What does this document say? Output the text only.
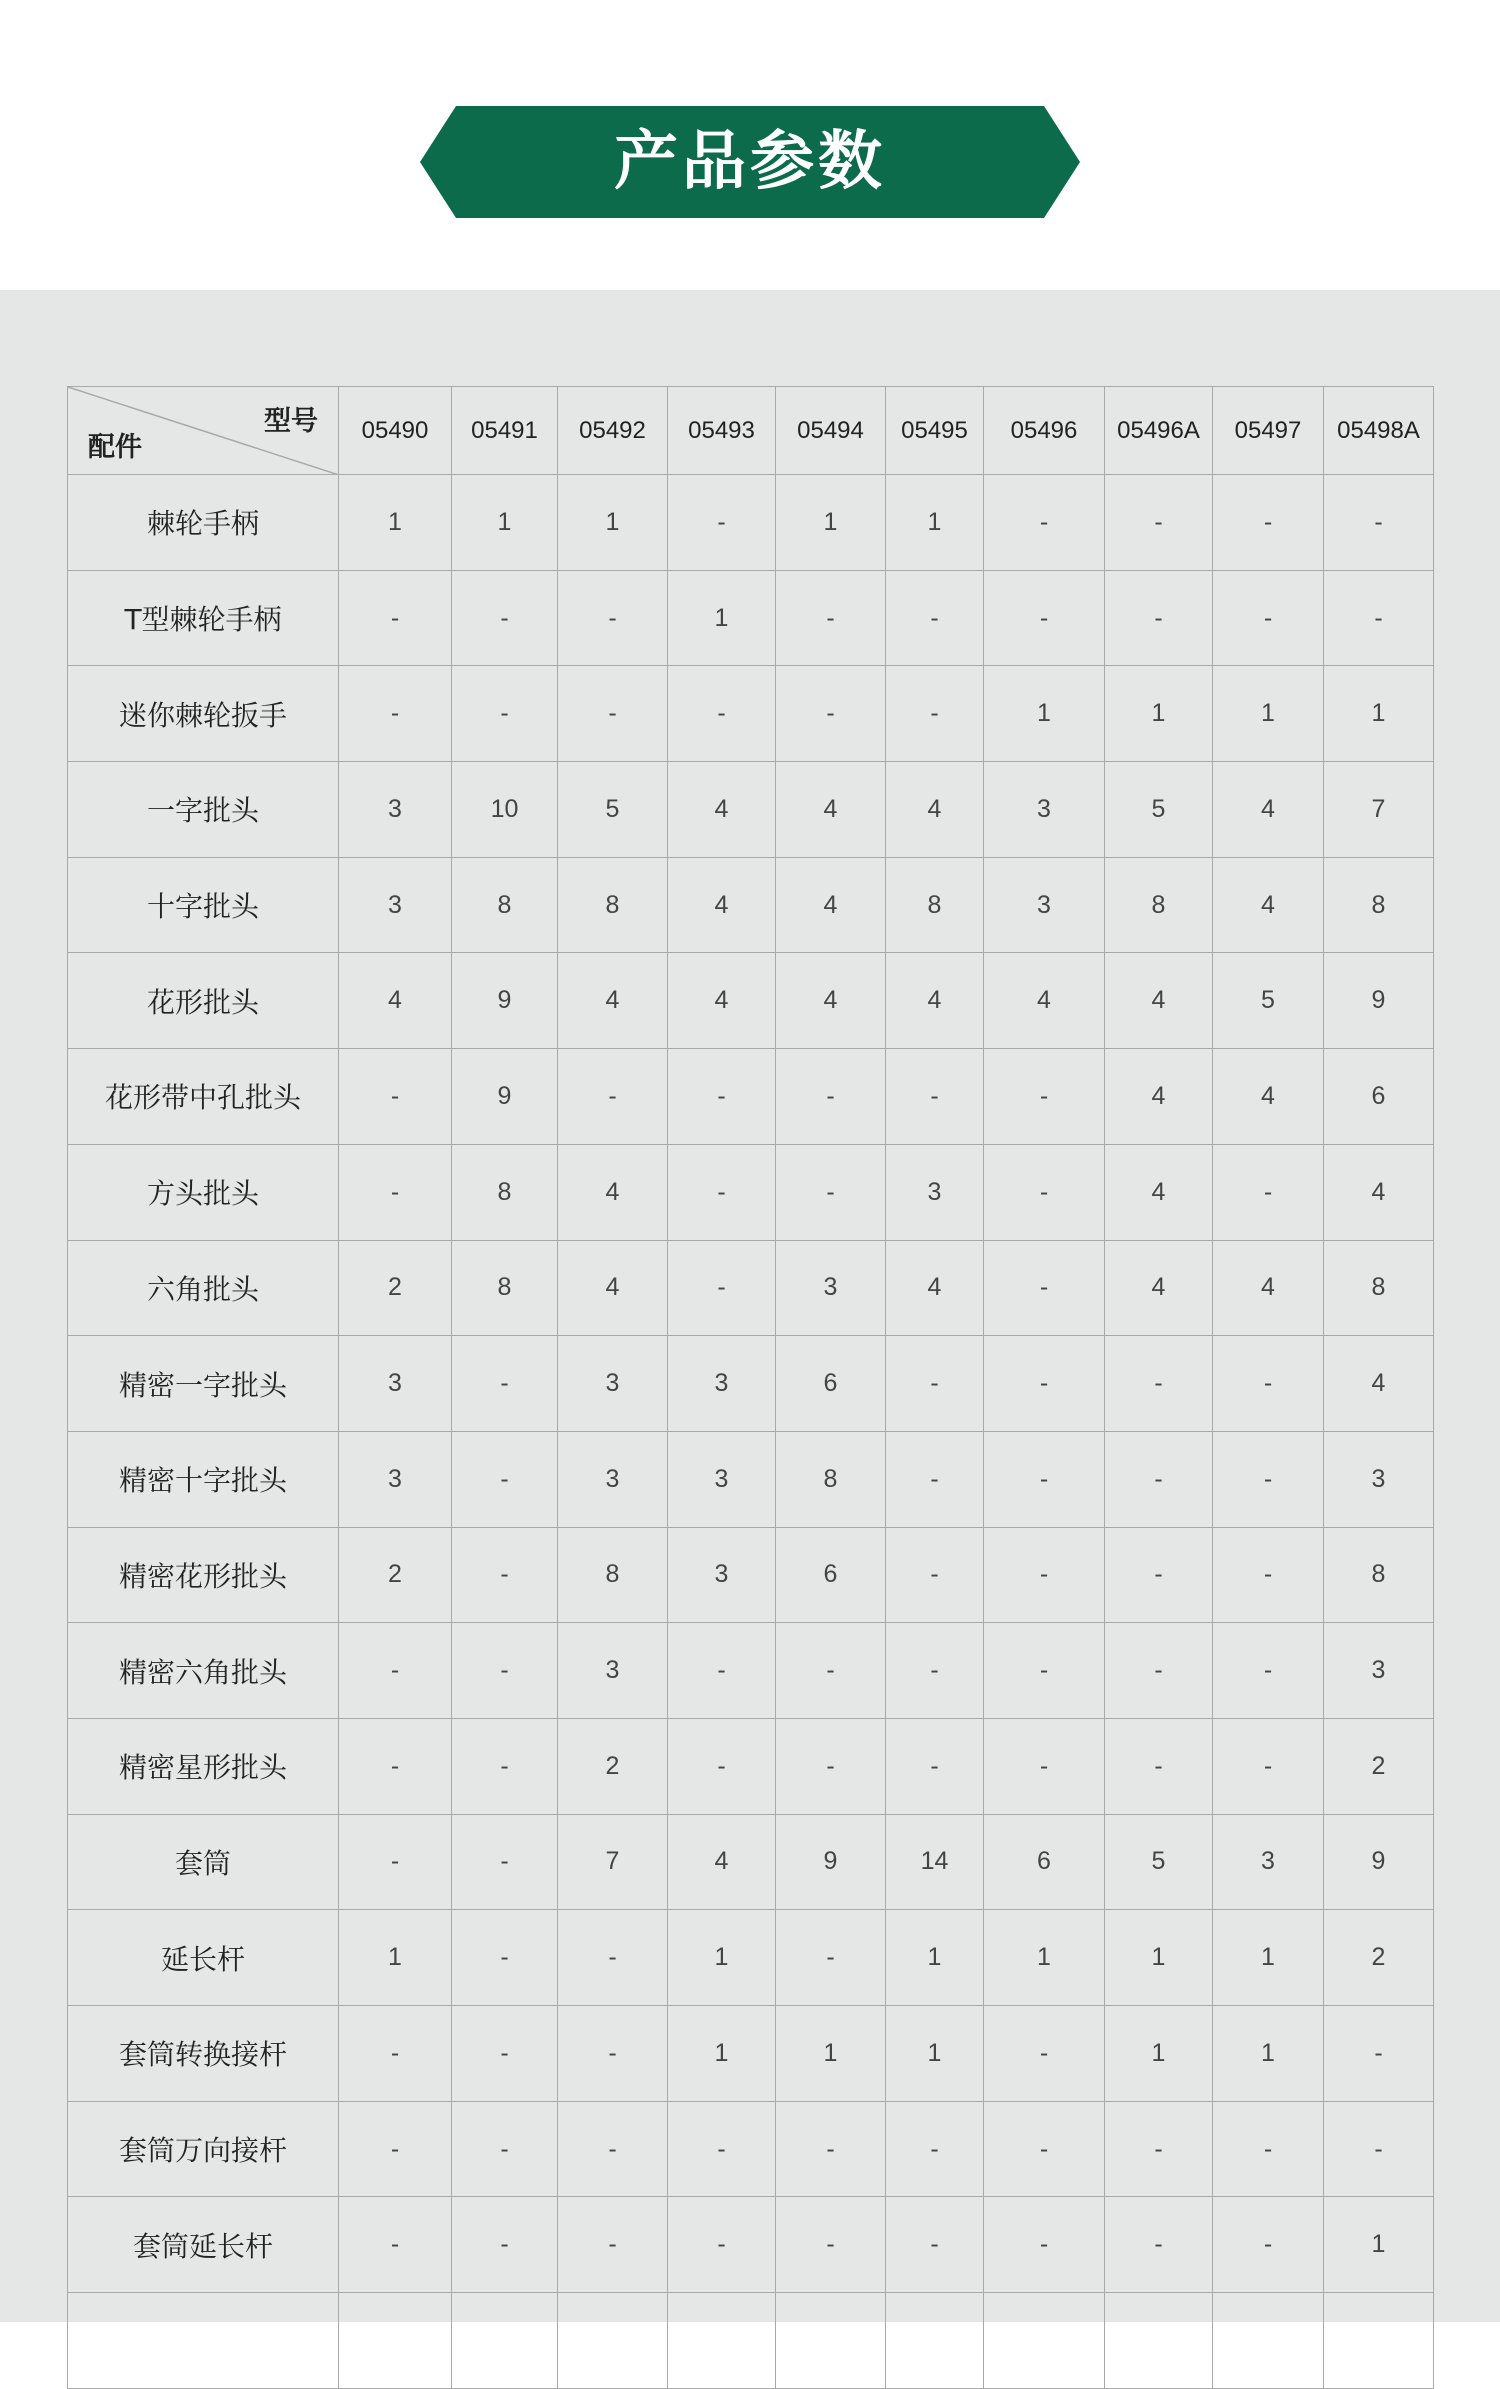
产品参数
型号
配件	05490	05491	05492	05493	05494	05495	05496	05496A	05497	05498A
棘轮手柄	1	1	1	-	1	1	-	-	-	-
T型棘轮手柄	-	-	-	1	-	-	-	-	-	-
迷你棘轮扳手	-	-	-	-	-	-	1	1	1	1
一字批头	3	10	5	4	4	4	3	5	4	7
十字批头	3	8	8	4	4	8	3	8	4	8
花形批头	4	9	4	4	4	4	4	4	5	9
花形带中孔批头	-	9	-	-	-	-	-	4	4	6
方头批头	-	8	4	-	-	3	-	4	-	4
六角批头	2	8	4	-	3	4	-	4	4	8
精密一字批头	3	-	3	3	6	-	-	-	-	4
精密十字批头	3	-	3	3	8	-	-	-	-	3
精密花形批头	2	-	8	3	6	-	-	-	-	8
精密六角批头	-	-	3	-	-	-	-	-	-	3
精密星形批头	-	-	2	-	-	-	-	-	-	2
套筒	-	-	7	4	9	14	6	5	3	9
延长杆	1	-	-	1	-	1	1	1	1	2
套筒转换接杆	-	-	-	1	1	1	-	1	1	-
套筒万向接杆	-	-	-	-	-	-	-	-	-	-
套筒延长杆	-	-	-	-	-	-	-	-	-	1
